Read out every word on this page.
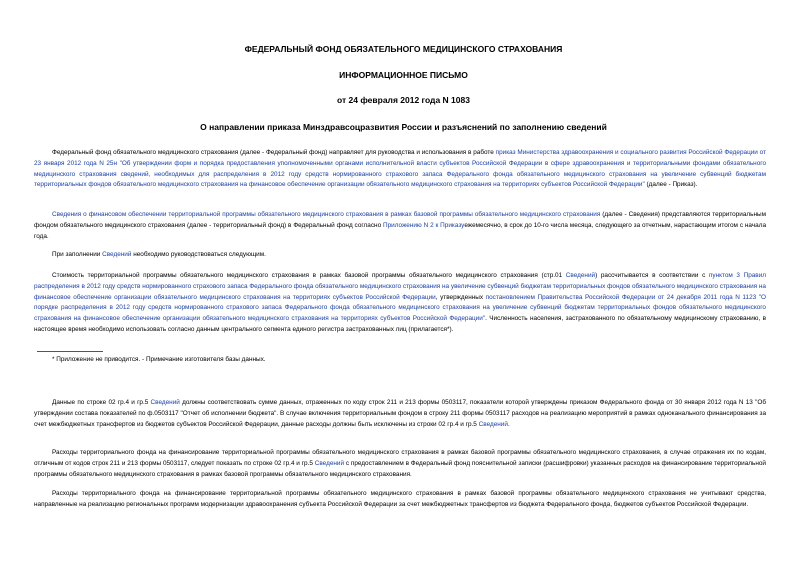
ФЕДЕРАЛЬНЫЙ ФОНД ОБЯЗАТЕЛЬНОГО МЕДИЦИНСКОГО СТРАХОВАНИЯ
ИНФОРМАЦИОННОЕ ПИСЬМО
от 24 февраля 2012 года N 1083
О направлении приказа Минздравсоцразвития России и разъяснений по заполнению сведений
Федеральный фонд обязательного медицинского страхования (далее - Федеральный фонд) направляет для руководства и использования в работе приказ Министерства здравоохранения и социального развития Российской Федерации от 23 января 2012 года N 25н "Об утверждении форм и порядка предоставления уполномоченными органами исполнительной власти субъектов Российской Федерации в сфере здравоохранения и территориальными фондами обязательного медицинского страхования сведений, необходимых для распределения в 2012 году средств нормированного страхового запаса Федерального фонда обязательного медицинского страхования на увеличение субвенций бюджетам территориальных фондов обязательного медицинского страхования на финансовое обеспечение организации обязательного медицинского страхования на территориях субъектов Российской Федерации" (далее - Приказ).
Сведения о финансовом обеспечении территориальной программы обязательного медицинского страхования в рамках базовой программы обязательного медицинского страхования (далее - Сведения) представляются территориальным фондом обязательного медицинского страхования (далее - территориальный фонд) в Федеральный фонд согласно Приложению N 2 к Приказуежемесячно, в срок до 10-го числа месяца, следующего за отчетным, нарастающим итогом с начала года.
При заполнении Сведений необходимо руководствоваться следующим.
Стоимость территориальной программы обязательного медицинского страхования в рамках базовой программы обязательного медицинского страхования (стр.01 Сведений) рассчитывается в соответствии с пунктом 3 Правил распределения в 2012 году средств нормированного страхового запаса Федерального фонда обязательного медицинского страхования на увеличение субвенций бюджетам территориальных фондов обязательного медицинского страхования на финансовое обеспечение организации обязательного медицинского страхования на территориях субъектов Российской Федерации, утвержденных постановлением Правительства Российской Федерации от 24 декабря 2011 года N 1123 "О порядке распределения в 2012 году средств нормированного страхового запаса Федерального фонда обязательного медицинского страхования на увеличение субвенций бюджетам территориальных фондов обязательного медицинского страхования на финансовое обеспечение организации обязательного медицинского страхования на территориях субъектов Российской Федерации". Численность населения, застрахованного по обязательному медицинскому страхованию, в настоящее время необходимо использовать согласно данным центрального сегмента единого регистра застрахованных лиц (прилагается*).
* Приложение не приводится. - Примечание изготовителя базы данных.
Данные по строке 02 гр.4 и гр.5 Сведений должны соответствовать сумме данных, отраженных по коду строк 211 и 213 формы 0503117, показатели которой утверждены приказом Федерального фонда от 30 января 2012 года N 13 "Об утверждении состава показателей по ф.0503117 "Отчет об исполнении бюджета". В случае включения территориальным фондом в строку 211 формы 0503117 расходов на реализацию мероприятий в рамках одноканального финансирования за счет межбюджетных трансфертов из бюджетов субъектов Российской Федерации, данные расходы должны быть исключены из строки 02 гр.4 и гр.5 Сведений.
Расходы территориального фонда на финансирование территориальной программы обязательного медицинского страхования в рамках базовой программы обязательного медицинского страхования, в случае отражения их по кодам, отличным от кодов строк 211 и 213 формы 0503117, следует показать по строке 02 гр.4 и гр.5 Сведений с предоставлением в Федеральный фонд пояснительной записки (расшифровки) указанных расходов на финансирование территориальной программы обязательного медицинского страхования в рамках базовой программы обязательного медицинского страхования.
Расходы территориального фонда на финансирование территориальной программы обязательного медицинского страхования в рамках базовой программы обязательного медицинского страхования не учитывают средства, направленные на реализацию региональных программ модернизации здравоохранения субъекта Российской Федерации за счет межбюджетных трансфертов из бюджета Федерального фонда, бюджетов субъектов Российской Федерации.
